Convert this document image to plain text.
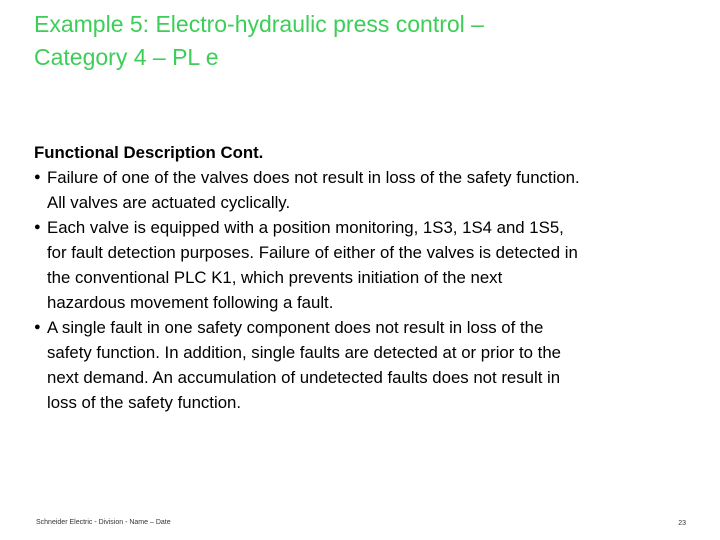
Example 5: Electro-hydraulic press control –
Category 4 – PL e

Functional Description Cont.

● Failure of one of the valves does not result in loss of the safety function.
All valves are actuated cyclically.
● Each valve is equipped with a position monitoring, 1S3, 1S4 and 1S5,
for fault detection purposes. Failure of either of the valves is detected in
the conventional PLC K1, which prevents initiation of the next
hazardous movement following a fault.
● A single fault in one safety component does not result in loss of the
safety function. In addition, single faults are detected at or prior to the
next demand. An accumulation of undetected faults does not result in
loss of the safety function.
Schneider Electric - Division - Name – Date	23
